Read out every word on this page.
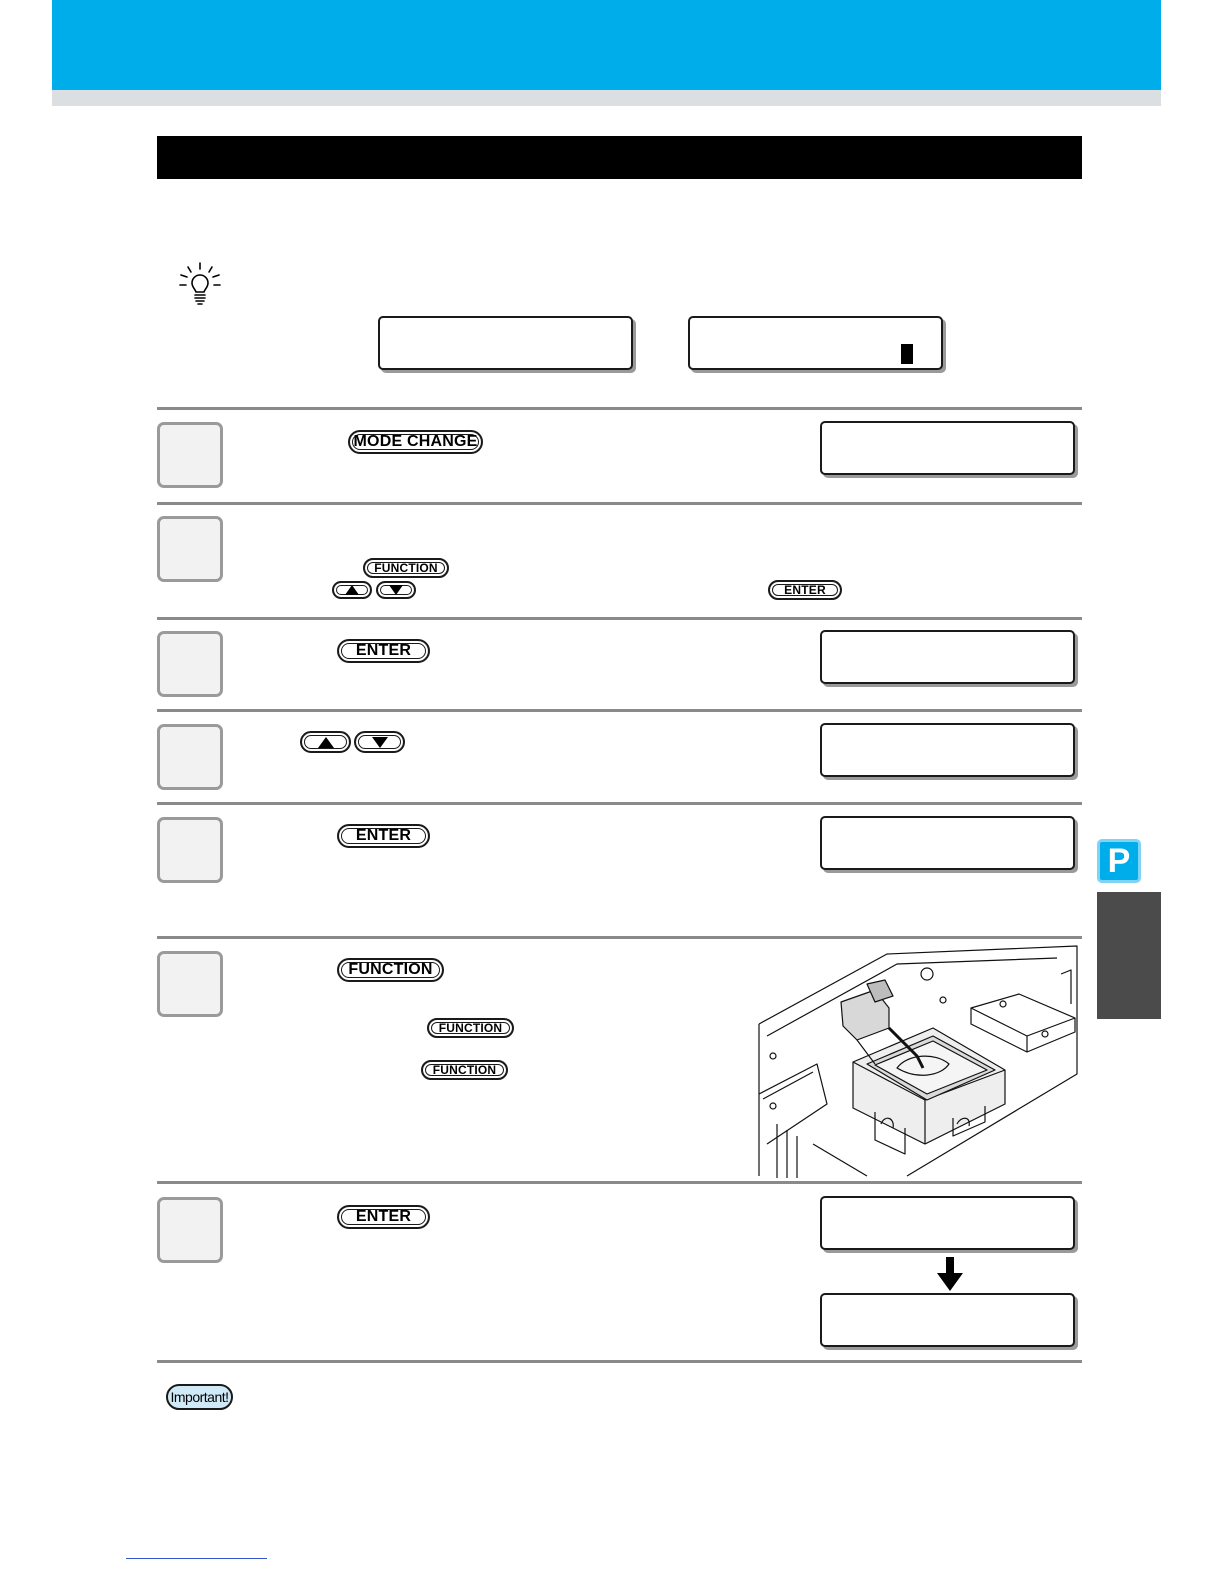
MODE CHANGE
FUNCTION
ENTER
ENTER
ENTER
FUNCTION
FUNCTION
FUNCTION
ENTER
Important!
P
